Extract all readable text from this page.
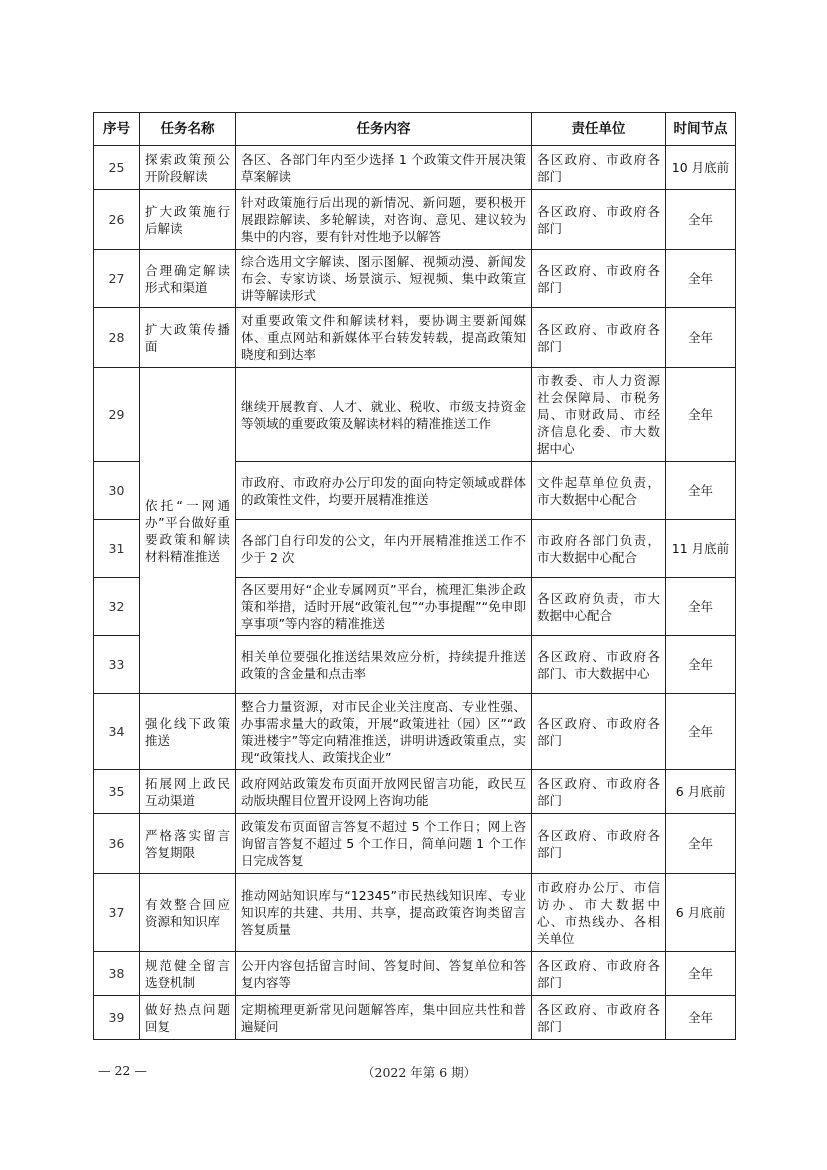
序号	任务名称	任务内容	责任单位	时间节点
25	探索政策预公开阶段解读	各区、各部门年内至少选择 1 个政策文件开展决策草案解读	各区政府、市政府各部门	10 月底前
26	扩大政策施行后解读	针对政策施行后出现的新情况、新问题，要积极开展跟踪解读、多轮解读，对咨询、意见、建议较为集中的内容，要有针对性地予以解答	各区政府、市政府各部门	全年
27	合理确定解读形式和渠道	综合选用文字解读、图示图解、视频动漫、新闻发布会、专家访谈、场景演示、短视频、集中政策宣讲等解读形式	各区政府、市政府各部门	全年
28	扩大政策传播面	对重要政策文件和解读材料，要协调主要新闻媒体、重点网站和新媒体平台转发转载，提高政策知晓度和到达率	各区政府、市政府各部门	全年
29	依托“一网通办”平台做好重要政策和解读材料精准推送	继续开展教育、人才、就业、税收、市级支持资金等领域的重要政策及解读材料的精准推送工作	市教委、市人力资源社会保障局、市税务局、市财政局、市经济信息化委、市大数据中心	全年
30		市政府、市政府办公厅印发的面向特定领域或群体的政策性文件，均要开展精准推送	文件起草单位负责，市大数据中心配合	全年
31		各部门自行印发的公文，年内开展精准推送工作不少于 2 次	市政府各部门负责，市大数据中心配合	11 月底前
32		各区要用好“企业专属网页”平台，梳理汇集涉企政策和举措，适时开展“政策礼包”“办事提醒”“免申即享事项”等内容的精准推送	各区政府负责，市大数据中心配合	全年
33		相关单位要强化推送结果效应分析，持续提升推送政策的含金量和点击率	各区政府、市政府各部门、市大数据中心	全年
34	强化线下政策推送	整合力量资源，对市民企业关注度高、专业性强、办事需求量大的政策，开展“政策进社（园）区”“政策进楼宇”等定向精准推送，讲明讲透政策重点，实现“政策找人、政策找企业”	各区政府、市政府各部门	全年
35	拓展网上政民互动渠道	政府网站政策发布页面开放网民留言功能，政民互动版块醒目位置开设网上咨询功能	各区政府、市政府各部门	6 月底前
36	严格落实留言答复期限	政策发布页面留言答复不超过 5 个工作日；网上咨询留言答复不超过 5 个工作日，简单问题 1 个工作日完成答复	各区政府、市政府各部门	全年
37	有效整合回应资源和知识库	推动网站知识库与“12345”市民热线知识库、专业知识库的共建、共用、共享，提高政策咨询类留言答复质量	市政府办公厅、市信访办、市大数据中心、市热线办、各相关单位	6 月底前
38	规范健全留言选登机制	公开内容包括留言时间、答复时间、答复单位和答复内容等	各区政府、市政府各部门	全年
39	做好热点问题回复	定期梳理更新常见问题解答库，集中回应共性和普遍疑问	各区政府、市政府各部门	全年
— 22 —	（2022 年第 6 期）
